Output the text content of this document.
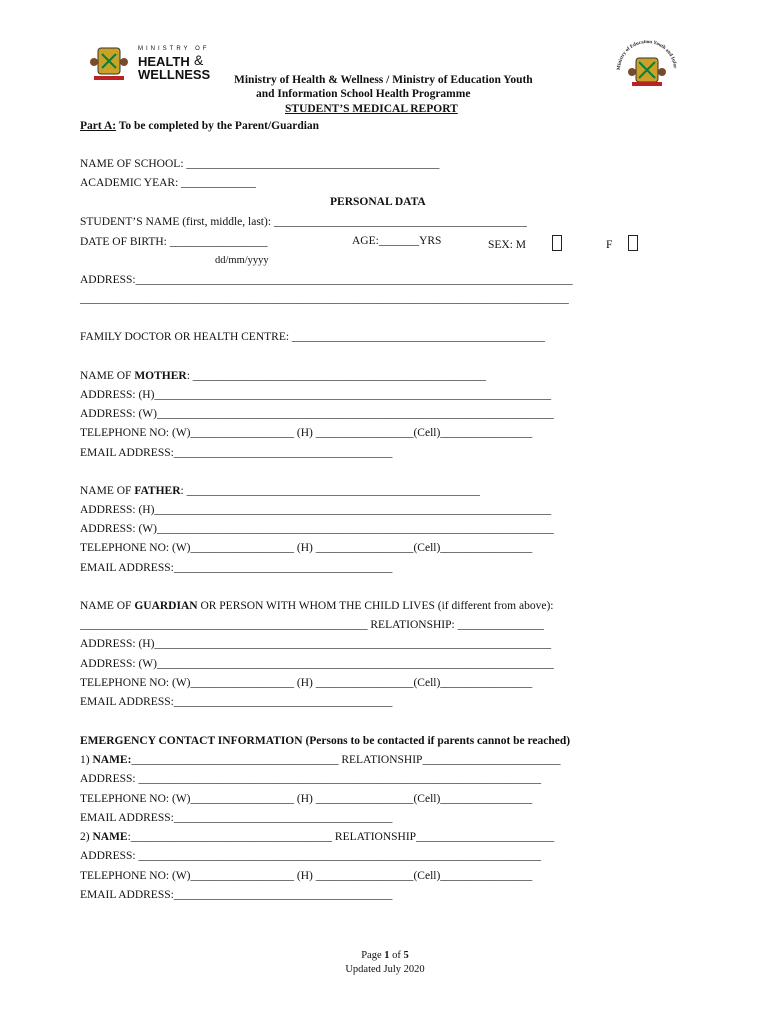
MINISTRY OF
HEALTH &
WELLNESS	Ministry of Education Youth and Infor
Ministry of Health & Wellness / Ministry of Education Youth
and Information School Health Programme
STUDENT’S MEDICAL REPORT
Part A: To be completed by the Parent/Guardian
NAME OF SCHOOL: ____________________________________________
ACADEMIC YEAR: _____________
PERSONAL DATA
STUDENT’S NAME (first, middle, last): ____________________________________________
DATE OF BIRTH: _________________	AGE:_______YRS	SEX: M	F
dd/mm/yyyy
ADDRESS:____________________________________________________________________________
_____________________________________________________________________________________
FAMILY DOCTOR OR HEALTH CENTRE: ____________________________________________
NAME OF MOTHER: ___________________________________________________
ADDRESS: (H)_____________________________________________________________________
ADDRESS: (W)_____________________________________________________________________
TELEPHONE NO: (W)__________________ (H) _________________(Cell)________________
EMAIL ADDRESS:______________________________________
NAME OF FATHER: ___________________________________________________
ADDRESS: (H)_____________________________________________________________________
ADDRESS: (W)_____________________________________________________________________
TELEPHONE NO: (W)__________________ (H) _________________(Cell)________________
EMAIL ADDRESS:______________________________________
NAME OF GUARDIAN OR PERSON WITH WHOM THE CHILD LIVES (if different from above):
__________________________________________________ RELATIONSHIP: _______________
ADDRESS: (H)_____________________________________________________________________
ADDRESS: (W)_____________________________________________________________________
TELEPHONE NO: (W)__________________ (H) _________________(Cell)________________
EMAIL ADDRESS:______________________________________
EMERGENCY CONTACT INFORMATION (Persons to be contacted if parents cannot be reached)
1) NAME:____________________________________ RELATIONSHIP________________________
ADDRESS: ______________________________________________________________________
TELEPHONE NO: (W)__________________ (H) _________________(Cell)________________
EMAIL ADDRESS:______________________________________
2) NAME:___________________________________ RELATIONSHIP________________________
ADDRESS: ______________________________________________________________________
TELEPHONE NO: (W)__________________ (H) _________________(Cell)________________
EMAIL ADDRESS:______________________________________
Page 1 of 5
Updated July 2020
